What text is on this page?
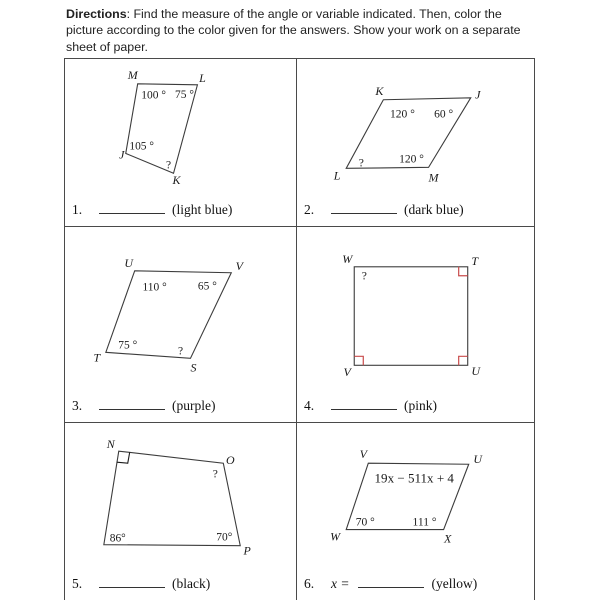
Directions: Find the measure of the angle or variable indicated. Then, color the picture according to the color given for the answers. Show your work on a separate sheet of paper.
M	L
J
K
100 ° 75 °
105 °
?
1.	(light blue)
K	J
L	M
120 ° 60 °
120 °
?
2.	(dark blue)
U	V
T
S
110 °	65 °
75 °	?
3.	(purple)
W	T
V	U
?
4.	(pink)
N
O
P
?
86°	70°
5.	(black)
V	U
W	X
19x − 5 11x + 4
70 °	111 °
6. x =	(yellow)
